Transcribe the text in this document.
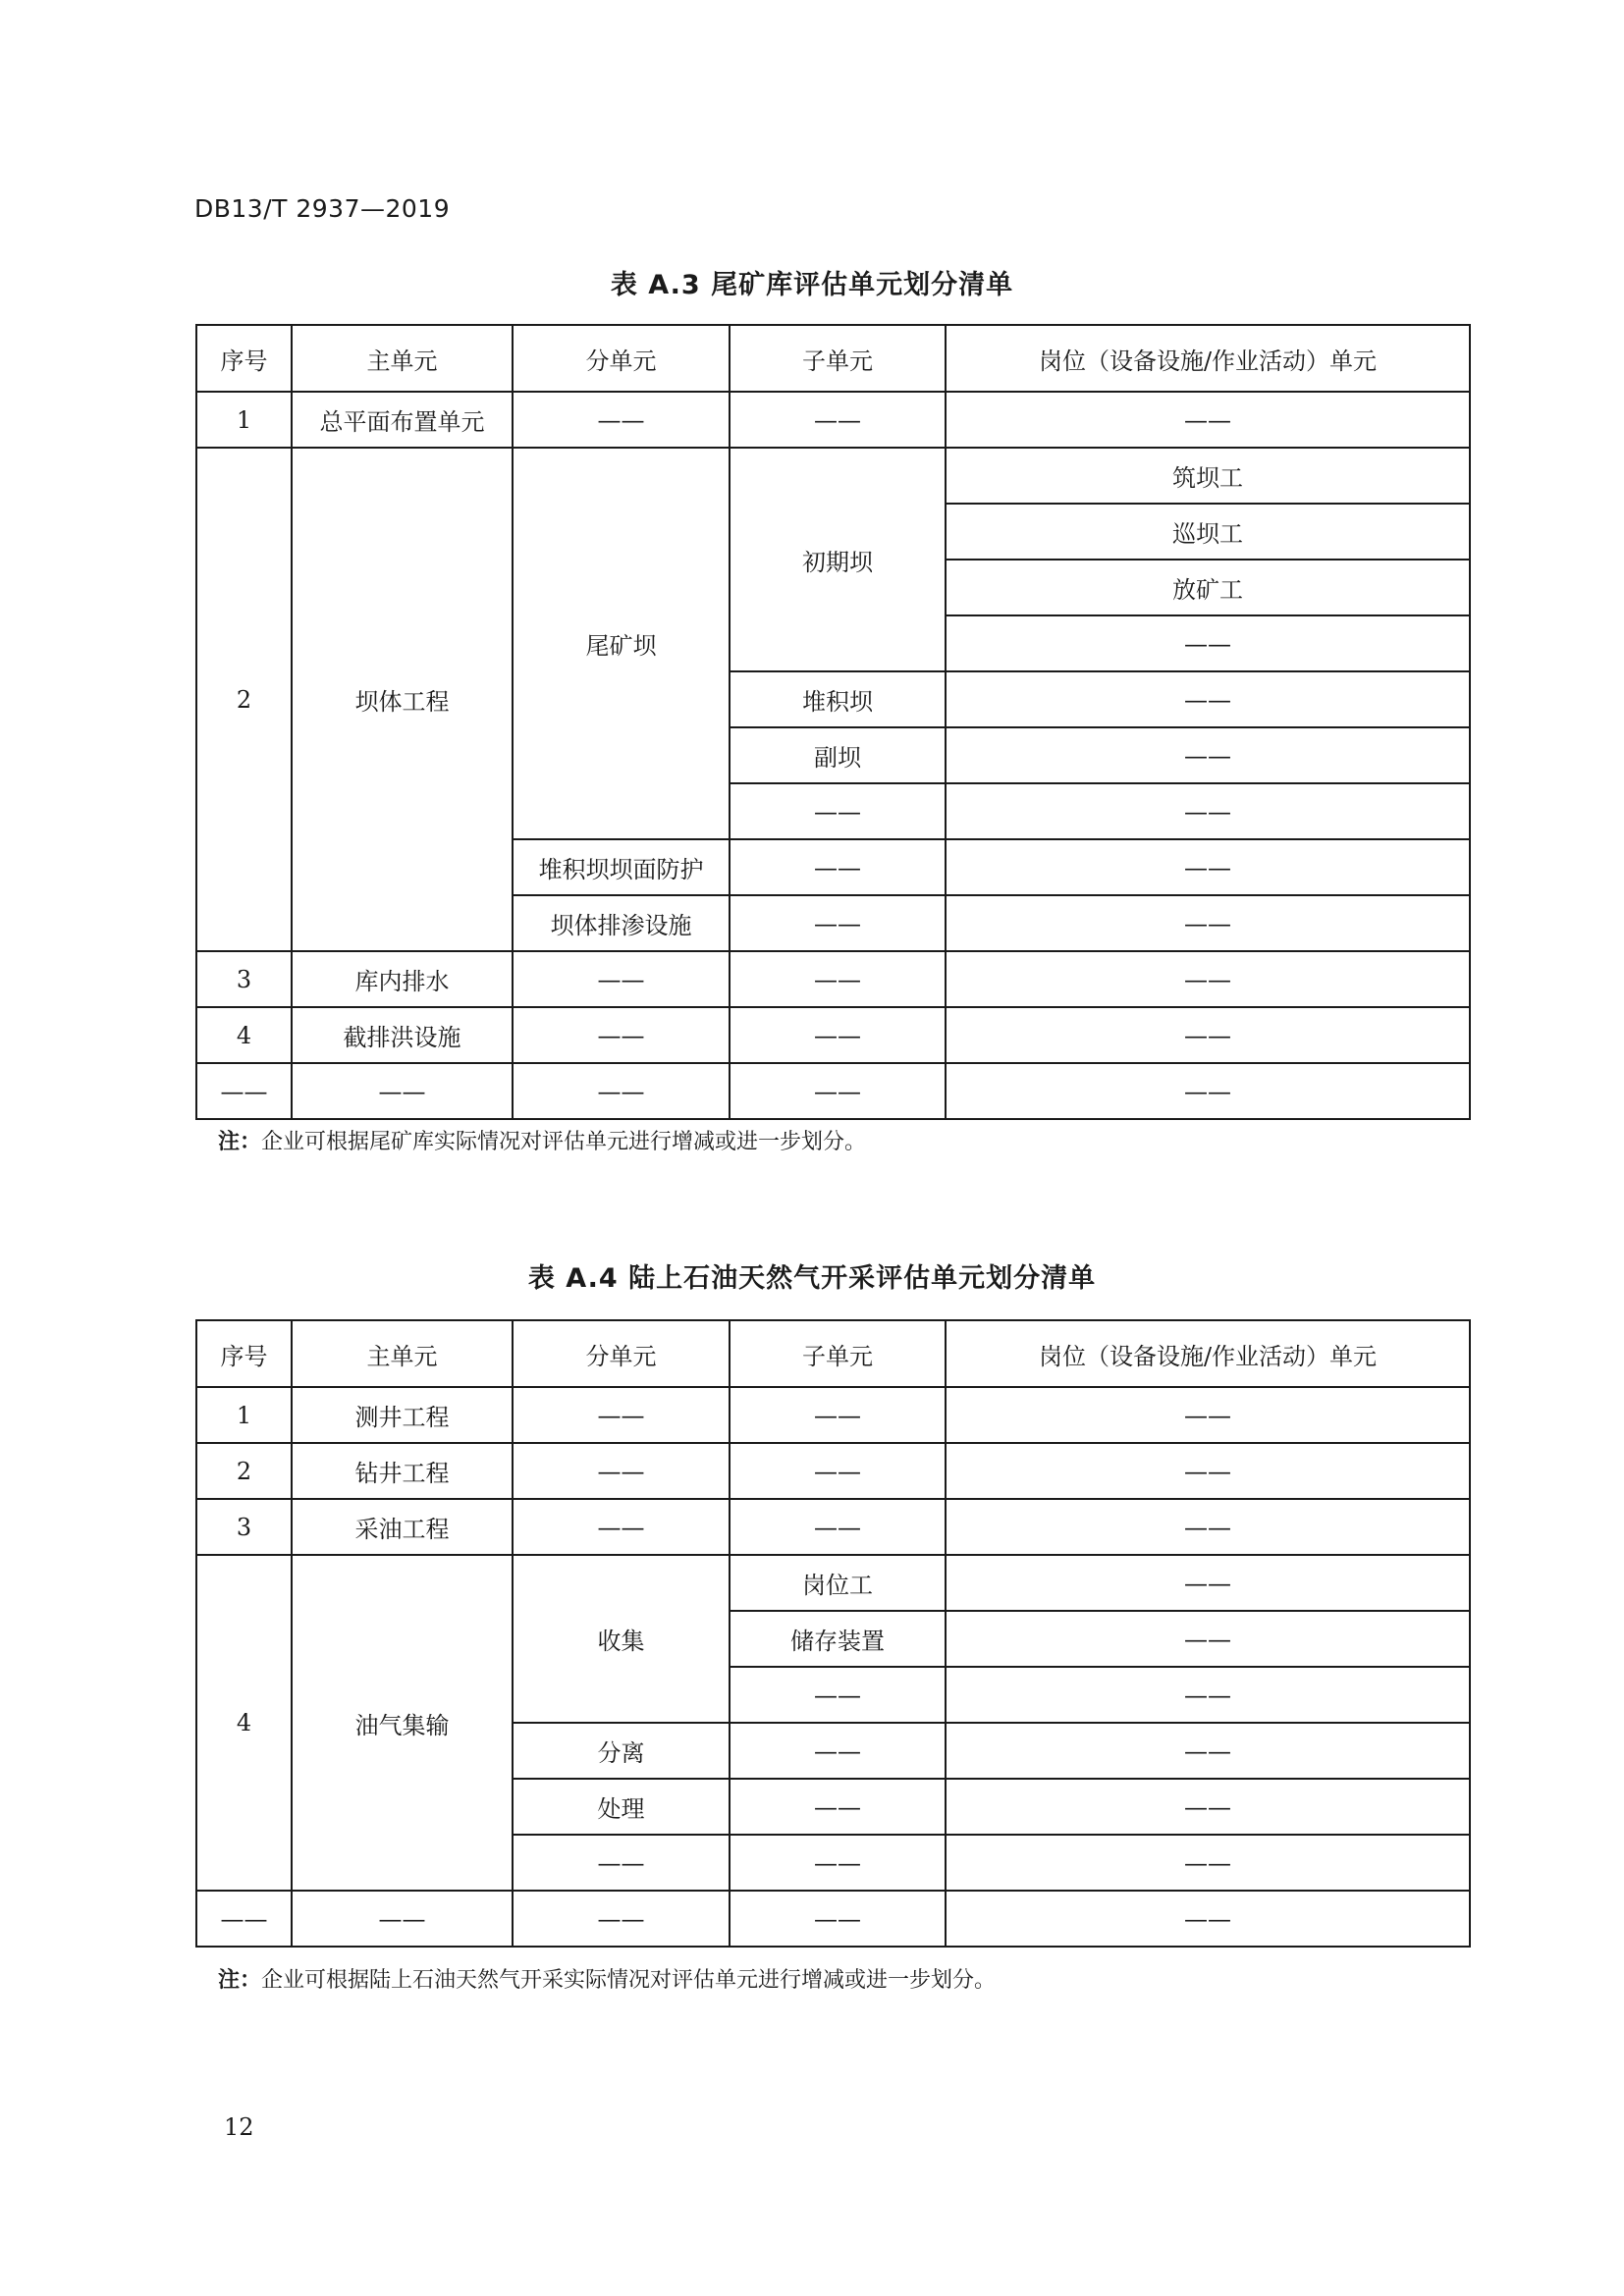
DB13/T 2937—2019
表 A.3 尾矿库评估单元划分清单
序号	主单元	分单元	子单元	岗位（设备设施/作业活动）单元
1	总平面布置单元	——	——	——
2	坝体工程	尾矿坝	初期坝	筑坝工
				巡坝工
				放矿工
				——
			堆积坝	——
			副坝	——
			——	——
		堆积坝坝面防护	——	——
		坝体排渗设施	——	——
3	库内排水	——	——	——
4	截排洪设施	——	——	——
——	——	——	——	——
注：企业可根据尾矿库实际情况对评估单元进行增减或进一步划分。
表 A.4 陆上石油天然气开采评估单元划分清单
序号	主单元	分单元	子单元	岗位（设备设施/作业活动）单元
1	测井工程	——	——	——
2	钻井工程	——	——	——
3	采油工程	——	——	——
4	油气集输	收集	岗位工	——
			储存装置	——
			——	——
		分离	——	——
		处理	——	——
		——	——	——
——	——	——	——	——
注：企业可根据陆上石油天然气开采实际情况对评估单元进行增减或进一步划分。
12
